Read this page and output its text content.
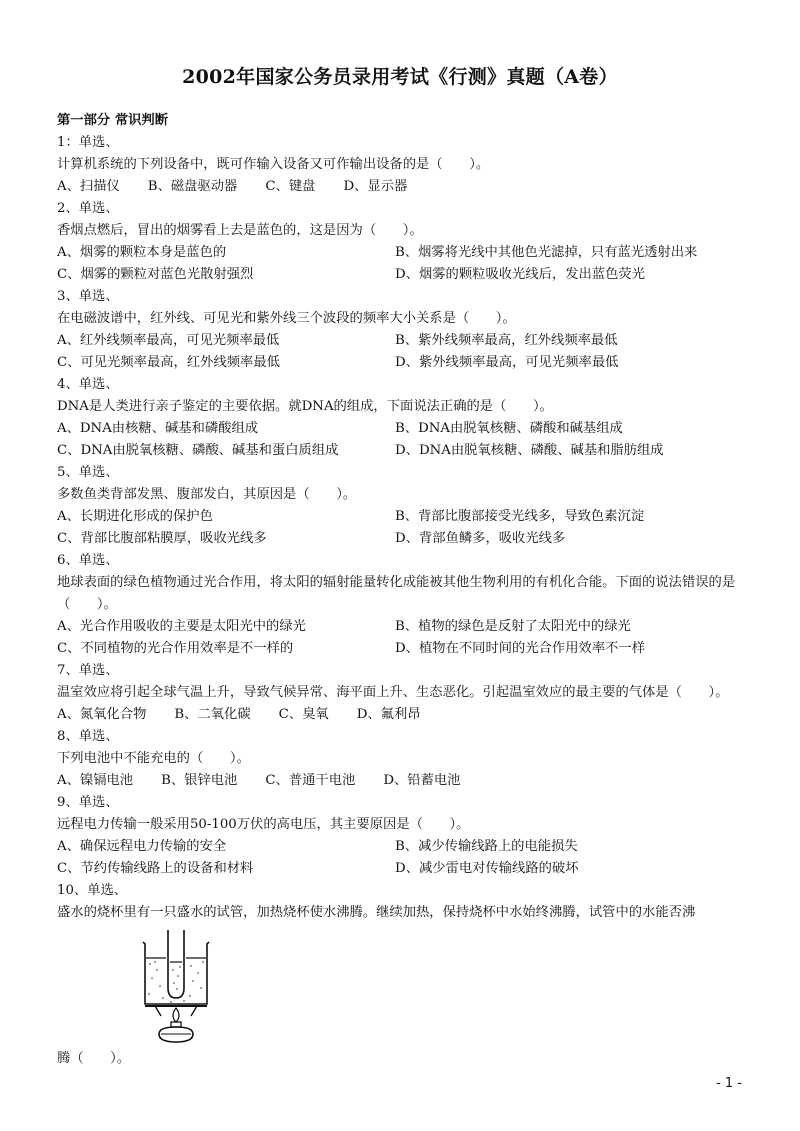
2002年国家公务员录用考试《行测》真题（A卷）
第一部分 常识判断
1：单选、
计算机系统的下列设备中，既可作输入设备又可作输出设备的是（　　）。
A、扫描仪 B、磁盘驱动器 C、键盘 D、显示器
2、单选、
香烟点燃后，冒出的烟雾看上去是蓝色的，这是因为（　　）。
A、烟雾的颗粒本身是蓝色的	B、烟雾将光线中其他色光滤掉，只有蓝光透射出来
C、烟雾的颗粒对蓝色光散射强烈	D、烟雾的颗粒吸收光线后，发出蓝色荧光
3、单选、
在电磁波谱中，红外线、可见光和紫外线三个波段的频率大小关系是（　　）。
A、红外线频率最高，可见光频率最低	B、紫外线频率最高，红外线频率最低
C、可见光频率最高，红外线频率最低	D、紫外线频率最高，可见光频率最低
4、单选、
DNA是人类进行亲子鉴定的主要依据。就DNA的组成，下面说法正确的是（　　）。
A、DNA由核糖、碱基和磷酸组成	B、DNA由脱氧核糖、磷酸和碱基组成
C、DNA由脱氧核糖、磷酸、碱基和蛋白质组成	D、DNA由脱氧核糖、磷酸、碱基和脂肪组成
5、单选、
多数鱼类背部发黑、腹部发白，其原因是（　　）。
A、长期进化形成的保护色	B、背部比腹部接受光线多，导致色素沉淀
C、背部比腹部粘膜厚，吸收光线多	D、背部鱼鳞多，吸收光线多
6、单选、
地球表面的绿色植物通过光合作用，将太阳的辐射能量转化成能被其他生物利用的有机化合能。下面的说法错误的是（　　）。
A、光合作用吸收的主要是太阳光中的绿光	B、植物的绿色是反射了太阳光中的绿光
C、不同植物的光合作用效率是不一样的	D、植物在不同时间的光合作用效率不一样
7、单选、
温室效应将引起全球气温上升，导致气候异常、海平面上升、生态恶化。引起温室效应的最主要的气体是（　　）。
A、氮氧化合物 B、二氧化碳 C、臭氧 D、氟利昂
8、单选、
下列电池中不能充电的（　　）。
A、镍镉电池 B、银锌电池 C、普通干电池 D、铅蓄电池
9、单选、
远程电力传输一般采用50-100万伏的高电压，其主要原因是（　　）。
A、确保远程电力传输的安全	B、减少传输线路上的电能损失
C、节约传输线路上的设备和材料	D、减少雷电对传输线路的破坏
10、单选、
盛水的烧杯里有一只盛水的试管，加热烧杯使水沸腾。继续加热，保持烧杯中水始终沸腾，试管中的水能否沸
腾（　　）。
- 1 -
